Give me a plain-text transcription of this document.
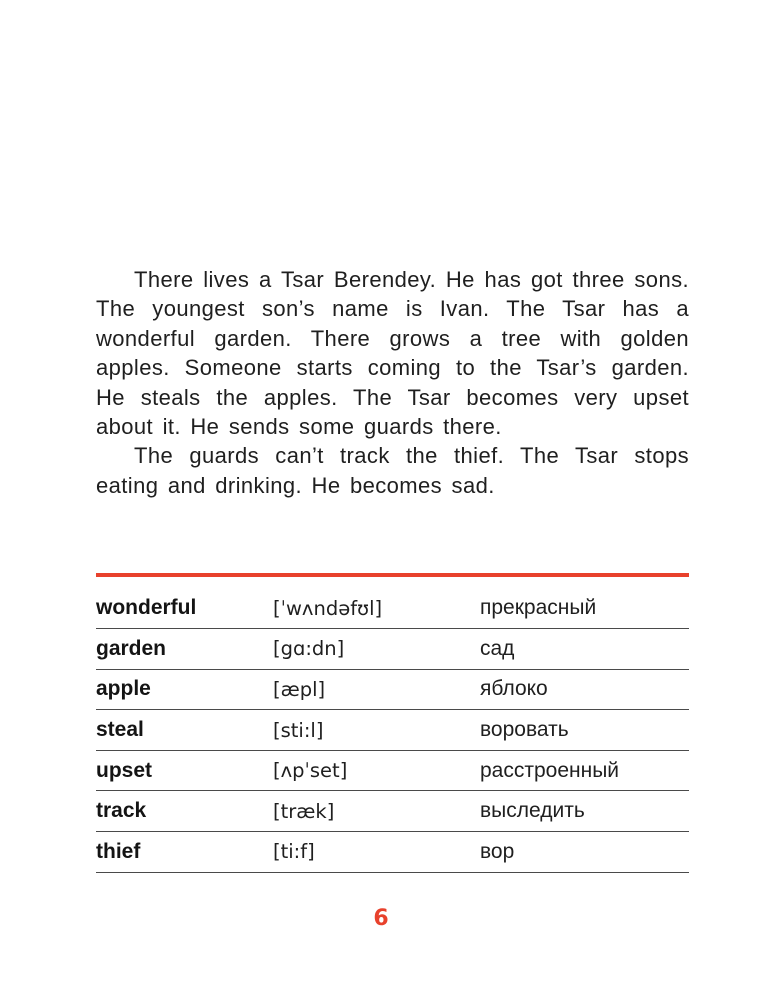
There lives a Tsar Berendey. He has got three sons. The youngest son’s name is Ivan. The Tsar has a wonderful garden. There grows a tree with golden apples. Someone starts coming to the Tsar’s garden. He steals the apples. The Tsar becomes very upset about it. He sends some guards there.

The guards can’t track the thief. The Tsar stops eating and drinking. He becomes sad.

wonderful	[ˈwʌndəfʊl]	прекрасный
garden	[gɑ:dn]	сад
apple	[æpl]	яблоко
steal	[sti:l]	воровать
upset	[ʌpˈset]	расстроенный
track	[træk]	выследить
thief	[ti:f]	вор
6
